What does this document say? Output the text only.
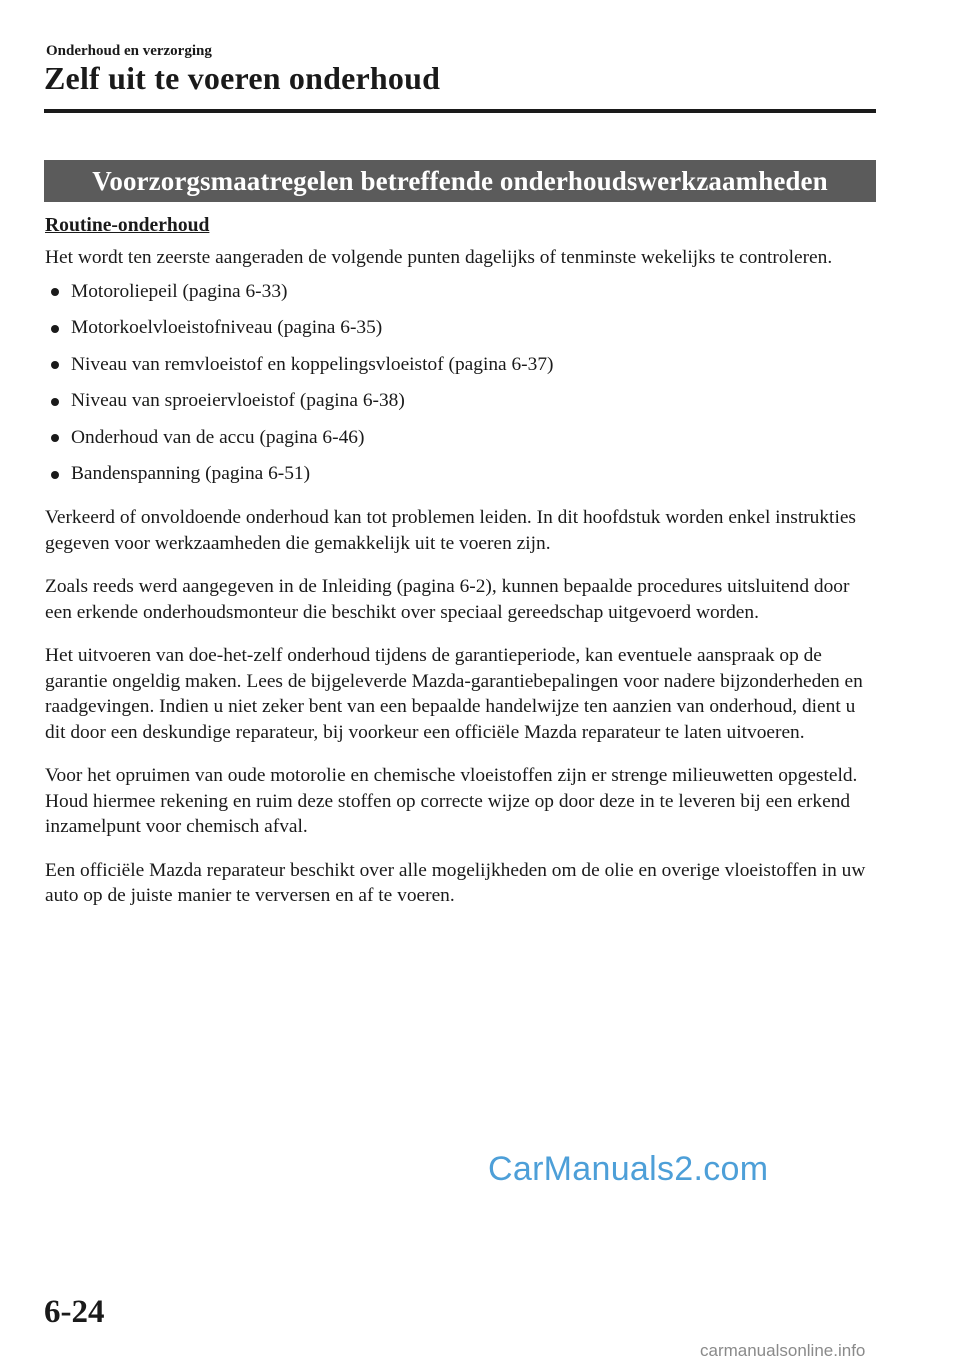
Onderhoud en verzorging
Zelf uit te voeren onderhoud
Voorzorgsmaatregelen betreffende onderhoudswerkzaamheden

Routine-onderhoud

Het wordt ten zeerste aangeraden de volgende punten dagelijks of tenminste wekelijks te controleren.

Motoroliepeil (pagina 6-33)
Motorkoelvloeistofniveau (pagina 6-35)
Niveau van remvloeistof en koppelingsvloeistof (pagina 6-37)
Niveau van sproeiervloeistof (pagina 6-38)
Onderhoud van de accu (pagina 6-46)
Bandenspanning (pagina 6-51)

Verkeerd of onvoldoende onderhoud kan tot problemen leiden. In dit hoofdstuk worden enkel instrukties gegeven voor werkzaamheden die gemakkelijk uit te voeren zijn.

Zoals reeds werd aangegeven in de Inleiding (pagina 6-2), kunnen bepaalde procedures uitsluitend door een erkende onderhoudsmonteur die beschikt over speciaal gereedschap uitgevoerd worden.

Het uitvoeren van doe-het-zelf onderhoud tijdens de garantieperiode, kan eventuele aanspraak op de garantie ongeldig maken. Lees de bijgeleverde Mazda-garantiebepalingen voor nadere bijzonderheden en raadgevingen. Indien u niet zeker bent van een bepaalde handelwijze ten aanzien van onderhoud, dient u dit door een deskundige reparateur, bij voorkeur een officiële Mazda reparateur te laten uitvoeren.

Voor het opruimen van oude motorolie en chemische vloeistoffen zijn er strenge milieuwetten opgesteld. Houd hiermee rekening en ruim deze stoffen op correcte wijze op door deze in te leveren bij een erkend inzamelpunt voor chemisch afval.

Een officiële Mazda reparateur beschikt over alle mogelijkheden om de olie en overige vloeistoffen in uw auto op de juiste manier te verversen en af te voeren.

CarManuals2.com
6-24
carmanualsonline.info
